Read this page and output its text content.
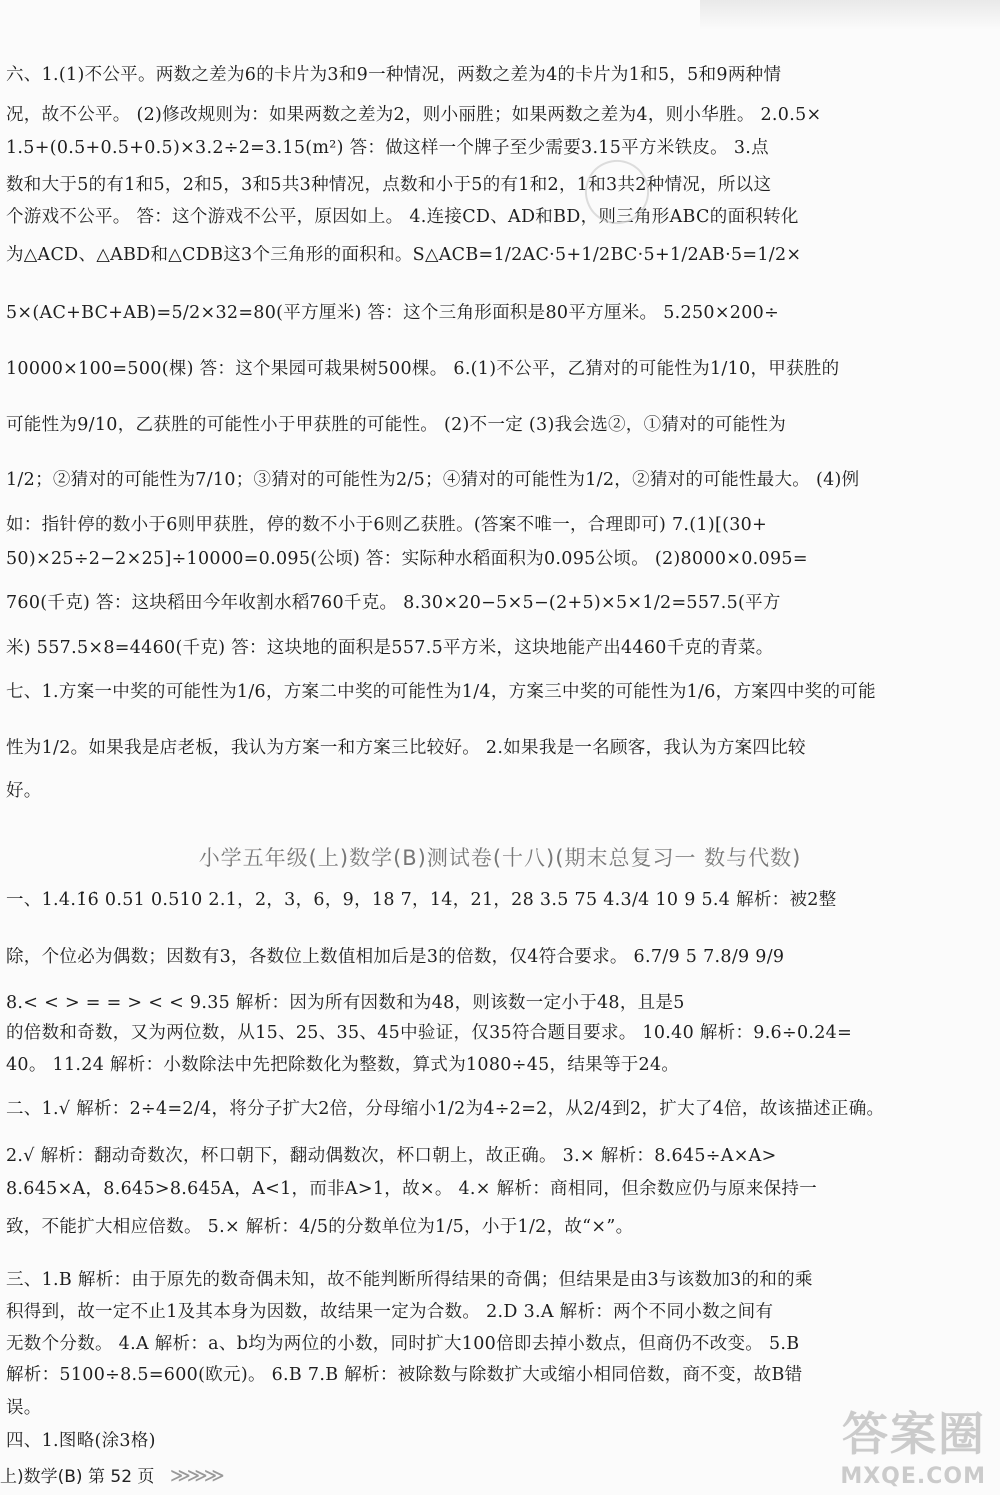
六、1.(1)不公平。两数之差为6的卡片为3和9一种情况，两数之差为4的卡片为1和5，5和9两种情
况，故不公平。 (2)修改规则为：如果两数之差为2，则小丽胜；如果两数之差为4，则小华胜。 2.0.5×
1.5+(0.5+0.5+0.5)×3.2÷2=3.15(m²) 答：做这样一个牌子至少需要3.15平方米铁皮。 3.点
数和大于5的有1和5，2和5，3和5共3种情况，点数和小于5的有1和2，1和3共2种情况，所以这
个游戏不公平。 答：这个游戏不公平，原因如上。 4.连接CD、AD和BD，则三角形ABC的面积转化
为△ACD、△ABD和△CDB这3个三角形的面积和。S△ACB=1/2AC·5+1/2BC·5+1/2AB·5=1/2×
5×(AC+BC+AB)=5/2×32=80(平方厘米) 答：这个三角形面积是80平方厘米。 5.250×200÷
10000×100=500(棵) 答：这个果园可栽果树500棵。 6.(1)不公平，乙猜对的可能性为1/10，甲获胜的
可能性为9/10，乙获胜的可能性小于甲获胜的可能性。 (2)不一定 (3)我会选②，①猜对的可能性为
1/2；②猜对的可能性为7/10；③猜对的可能性为2/5；④猜对的可能性为1/2，②猜对的可能性最大。 (4)例
如：指针停的数小于6则甲获胜，停的数不小于6则乙获胜。(答案不唯一，合理即可) 7.(1)[(30+
50)×25÷2−2×25]÷10000=0.095(公顷) 答：实际种水稻面积为0.095公顷。 (2)8000×0.095=
760(千克) 答：这块稻田今年收割水稻760千克。 8.30×20−5×5−(2+5)×5×1/2=557.5(平方
米) 557.5×8=4460(千克) 答：这块地的面积是557.5平方米，这块地能产出4460千克的青菜。
七、1.方案一中奖的可能性为1/6，方案二中奖的可能性为1/4，方案三中奖的可能性为1/6，方案四中奖的可能
性为1/2。如果我是店老板，我认为方案一和方案三比较好。 2.如果我是一名顾客，我认为方案四比较
好。
小学五年级(上)数学(B)测试卷(十八)(期末总复习一 数与代数)
一、1.4.1̇6̇ 0.51 0.510 2.1，2，3，6，9，18 7，14，21，28 3.5 75 4.3/4 10 9 5.4 解析：被2整
除，个位必为偶数；因数有3，各数位上数值相加后是3的倍数，仅4符合要求。 6.7/9 5 7.8/9 9/9
8.< < > = = > < < 9.35 解析：因为所有因数和为48，则该数一定小于48，且是5
的倍数和奇数，又为两位数，从15、25、35、45中验证，仅35符合题目要求。 10.40 解析：9.6÷0.24=
40。 11.24 解析：小数除法中先把除数化为整数，算式为1080÷45，结果等于24。
二、1.√ 解析：2÷4=2/4，将分子扩大2倍，分母缩小1/2为4÷2=2，从2/4到2，扩大了4倍，故该描述正确。
2.√ 解析：翻动奇数次，杯口朝下，翻动偶数次，杯口朝上，故正确。 3.× 解析：8.645÷A×A>
8.645×A，8.645>8.645A，A<1，而非A>1，故×。 4.× 解析：商相同，但余数应仍与原来保持一
致，不能扩大相应倍数。 5.× 解析：4/5的分数单位为1/5，小于1/2，故“×”。
三、1.B 解析：由于原先的数奇偶未知，故不能判断所得结果的奇偶；但结果是由3与该数加3的和的乘
积得到，故一定不止1及其本身为因数，故结果一定为合数。 2.D 3.A 解析：两个不同小数之间有
无数个分数。 4.A 解析：a、b均为两位的小数，同时扩大100倍即去掉小数点，但商仍不改变。 5.B
解析：5100÷8.5=600(欧元)。 6.B 7.B 解析：被除数与除数扩大或缩小相同倍数，商不变，故B错
误。
四、1.图略(涂3格)
上)数学(B) 第 52 页 ≫≫≫
答案圈
MXQE.COM
